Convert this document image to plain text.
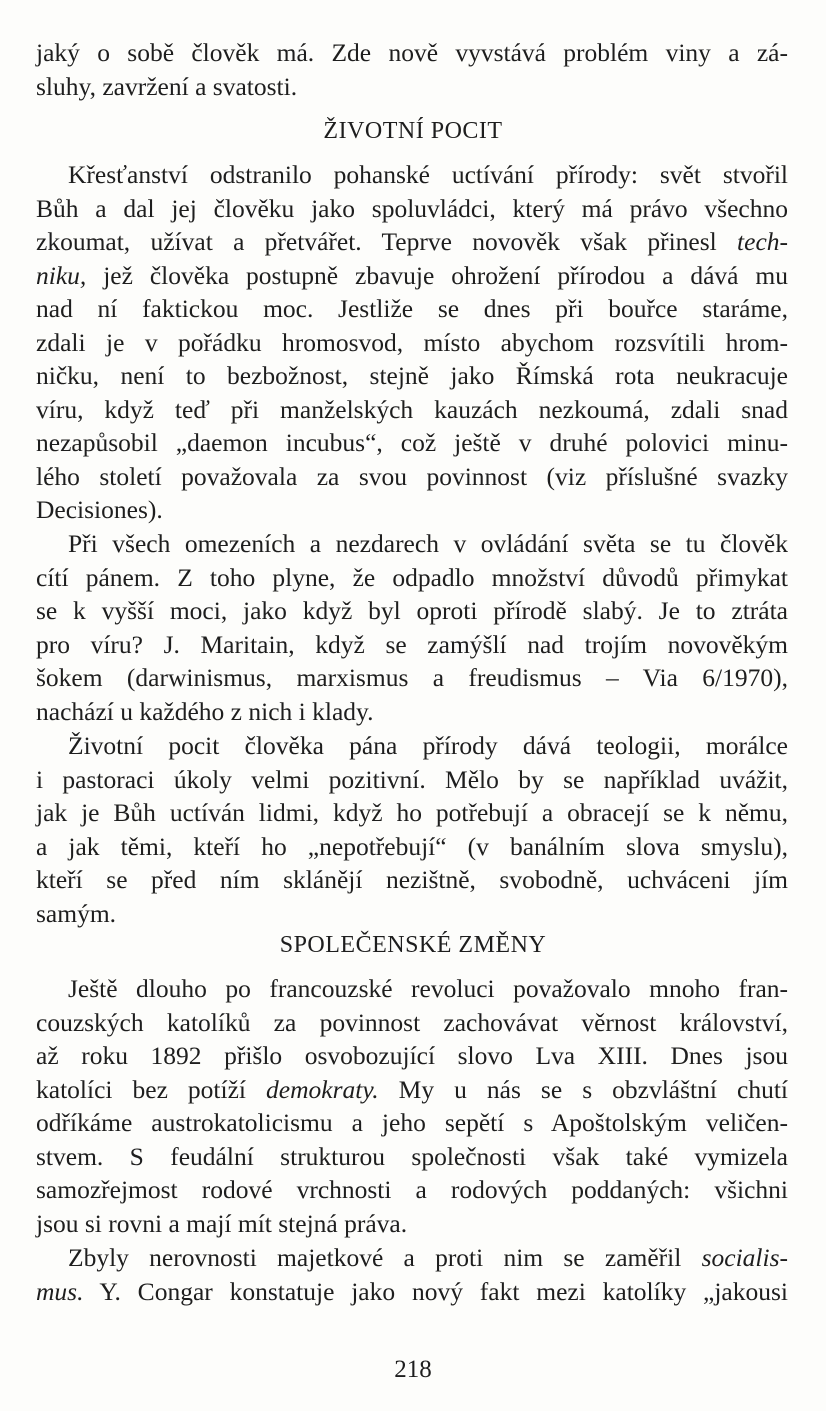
jaký o sobě člověk má. Zde nově vyvstává problém viny a zá-
sluhy, zavržení a svatosti.
ŽIVOTNÍ POCIT
Křesťanství odstranilo pohanské uctívání přírody: svět stvořil
Bůh a dal jej člověku jako spoluvládci, který má právo všechno
zkoumat, užívat a přetvářet. Teprve novověk však přinesl tech-
niku, jež člověka postupně zbavuje ohrožení přírodou a dává mu
nad ní faktickou moc. Jestliže se dnes při bouřce staráme,
zdali je v pořádku hromosvod, místo abychom rozsvítili hrom-
ničku, není to bezbožnost, stejně jako Římská rota neukracuje
víru, když teď při manželských kauzách nezkoumá, zdali snad
nezapůsobil „daemon incubus“, což ještě v druhé polovici minu-
lého století považovala za svou povinnost (viz příslušné svazky
Decisiones).
Při všech omezeních a nezdarech v ovládání světa se tu člověk
cítí pánem. Z toho plyne, že odpadlo množství důvodů přimykat
se k vyšší moci, jako když byl oproti přírodě slabý. Je to ztráta
pro víru? J. Maritain, když se zamýšlí nad trojím novověkým
šokem (darwinismus, marxismus a freudismus – Via 6/1970),
nachází u každého z nich i klady.
Životní pocit člověka pána přírody dává teologii, morálce
i pastoraci úkoly velmi pozitivní. Mělo by se například uvážit,
jak je Bůh uctíván lidmi, když ho potřebují a obracejí se k němu,
a jak těmi, kteří ho „nepotřebují“ (v banálním slova smyslu),
kteří se před ním sklánějí nezištně, svobodně, uchváceni jím
samým.
SPOLEČENSKÉ ZMĚNY
Ještě dlouho po francouzské revoluci považovalo mnoho fran-
couzských katolíků za povinnost zachovávat věrnost království,
až roku 1892 přišlo osvobozující slovo Lva XIII. Dnes jsou
katolíci bez potíží demokraty. My u nás se s obzvláštní chutí
odříkáme austrokatolicismu a jeho sepětí s Apoštolským veličen-
stvem. S feudální strukturou společnosti však také vymizela
samozřejmost rodové vrchnosti a rodových poddaných: všichni
jsou si rovni a mají mít stejná práva.
Zbyly nerovnosti majetkové a proti nim se zaměřil socialis-
mus. Y. Congar konstatuje jako nový fakt mezi katolíky „jakousi
218
